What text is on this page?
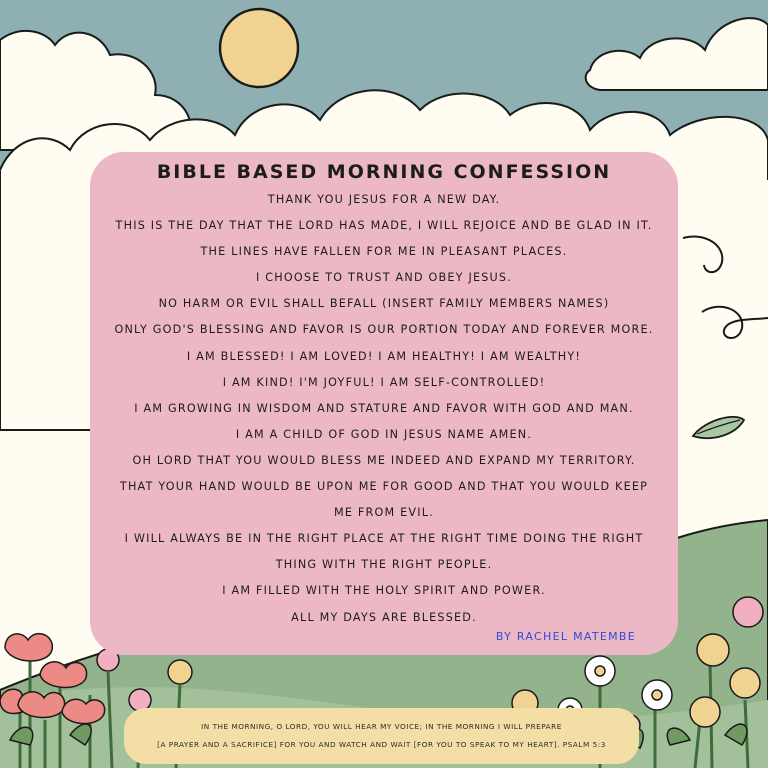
BIBLE BASED MORNING CONFESSION
THANK YOU JESUS FOR A NEW DAY.
THIS IS THE DAY THAT THE LORD HAS MADE, I WILL REJOICE AND BE GLAD IN IT.
THE LINES HAVE FALLEN FOR ME IN PLEASANT PLACES.
I CHOOSE TO TRUST AND OBEY JESUS.
NO HARM OR EVIL SHALL BEFALL (INSERT FAMILY MEMBERS NAMES)
ONLY GOD'S BLESSING AND FAVOR IS OUR PORTION TODAY AND FOREVER MORE.
I AM BLESSED! I AM LOVED! I AM HEALTHY! I AM WEALTHY!
I AM KIND! I'M JOYFUL! I AM SELF-CONTROLLED!
I AM GROWING IN WISDOM AND STATURE AND FAVOR WITH GOD AND MAN.
I AM A CHILD OF GOD IN JESUS NAME AMEN.
OH LORD THAT YOU WOULD BLESS ME INDEED AND EXPAND MY TERRITORY.
THAT YOUR HAND WOULD BE UPON ME FOR GOOD AND THAT YOU WOULD KEEP
ME FROM EVIL.
I WILL ALWAYS BE IN THE RIGHT PLACE AT THE RIGHT TIME DOING THE RIGHT
THING WITH THE RIGHT PEOPLE.
I AM FILLED WITH THE HOLY SPIRIT AND POWER.
ALL MY DAYS ARE BLESSED.
BY RACHEL MATEMBE

IN THE MORNING, O LORD, YOU WILL HEAR MY VOICE; IN THE MORNING I WILL PREPARE

[A PRAYER AND A SACRIFICE] FOR YOU AND WATCH AND WAIT [FOR YOU TO SPEAK TO MY HEART]. PSALM 5:3
